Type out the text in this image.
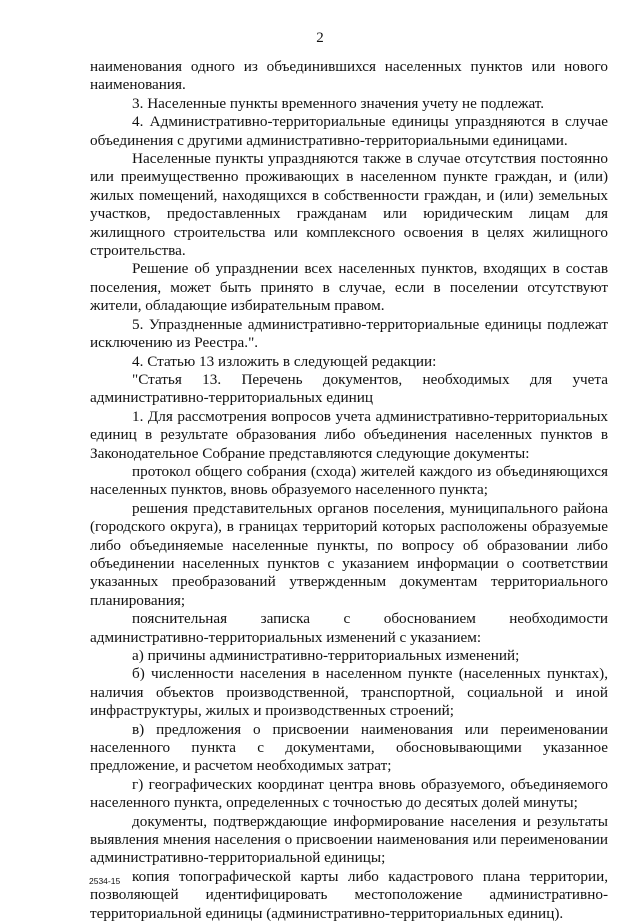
2

наименования одного из объединившихся населенных пунктов или нового наименования.

3. Населенные пункты временного значения учету не подлежат.

4. Административно-территориальные единицы упраздняются в случае объединения с другими административно-территориальными единицами.

Населенные пункты упраздняются также в случае отсутствия постоянно или преимущественно проживающих в населенном пункте граждан, и (или) жилых помещений, находящихся в собственности граждан, и (или) земельных участков, предоставленных гражданам или юридическим лицам для жилищного строительства или комплексного освоения в целях жилищного строительства.

Решение об упразднении всех населенных пунктов, входящих в состав поселения, может быть принято в случае, если в поселении отсутствуют жители, обладающие избирательным правом.

5. Упраздненные административно-территориальные единицы подлежат исключению из Реестра.".

4. Статью 13 изложить в следующей редакции:

"Статья 13. Перечень документов, необходимых для учета административно-территориальных единиц

1. Для рассмотрения вопросов учета административно-территориальных единиц в результате образования либо объединения населенных пунктов в Законодательное Собрание представляются следующие документы:

протокол общего собрания (схода) жителей каждого из объединяющихся населенных пунктов, вновь образуемого населенного пункта;

решения представительных органов поселения, муниципального района (городского округа), в границах территорий которых расположены образуемые либо объединяемые населенные пункты, по вопросу об образовании либо объединении населенных пунктов с указанием информации о соответствии указанных преобразований утвержденным документам территориального планирования;

пояснительная записка с обоснованием необходимости административно-территориальных изменений с указанием:

а) причины административно-территориальных изменений;

б) численности населения в населенном пункте (населенных пунктах), наличия объектов производственной, транспортной, социальной и иной инфраструктуры, жилых и производственных строений;

в) предложения о присвоении наименования или переименовании населенного пункта с документами, обосновывающими указанное предложение, и расчетом необходимых затрат;

г) географических координат центра вновь образуемого, объединяемого населенного пункта, определенных с точностью до десятых долей минуты;

документы, подтверждающие информирование населения и результаты выявления мнения населения о присвоении наименования или переименовании административно-территориальной единицы;

копия топографической карты либо кадастрового плана территории, позволяющей идентифицировать местоположение административно-территориальной единицы (административно-территориальных единиц).

2534-15
